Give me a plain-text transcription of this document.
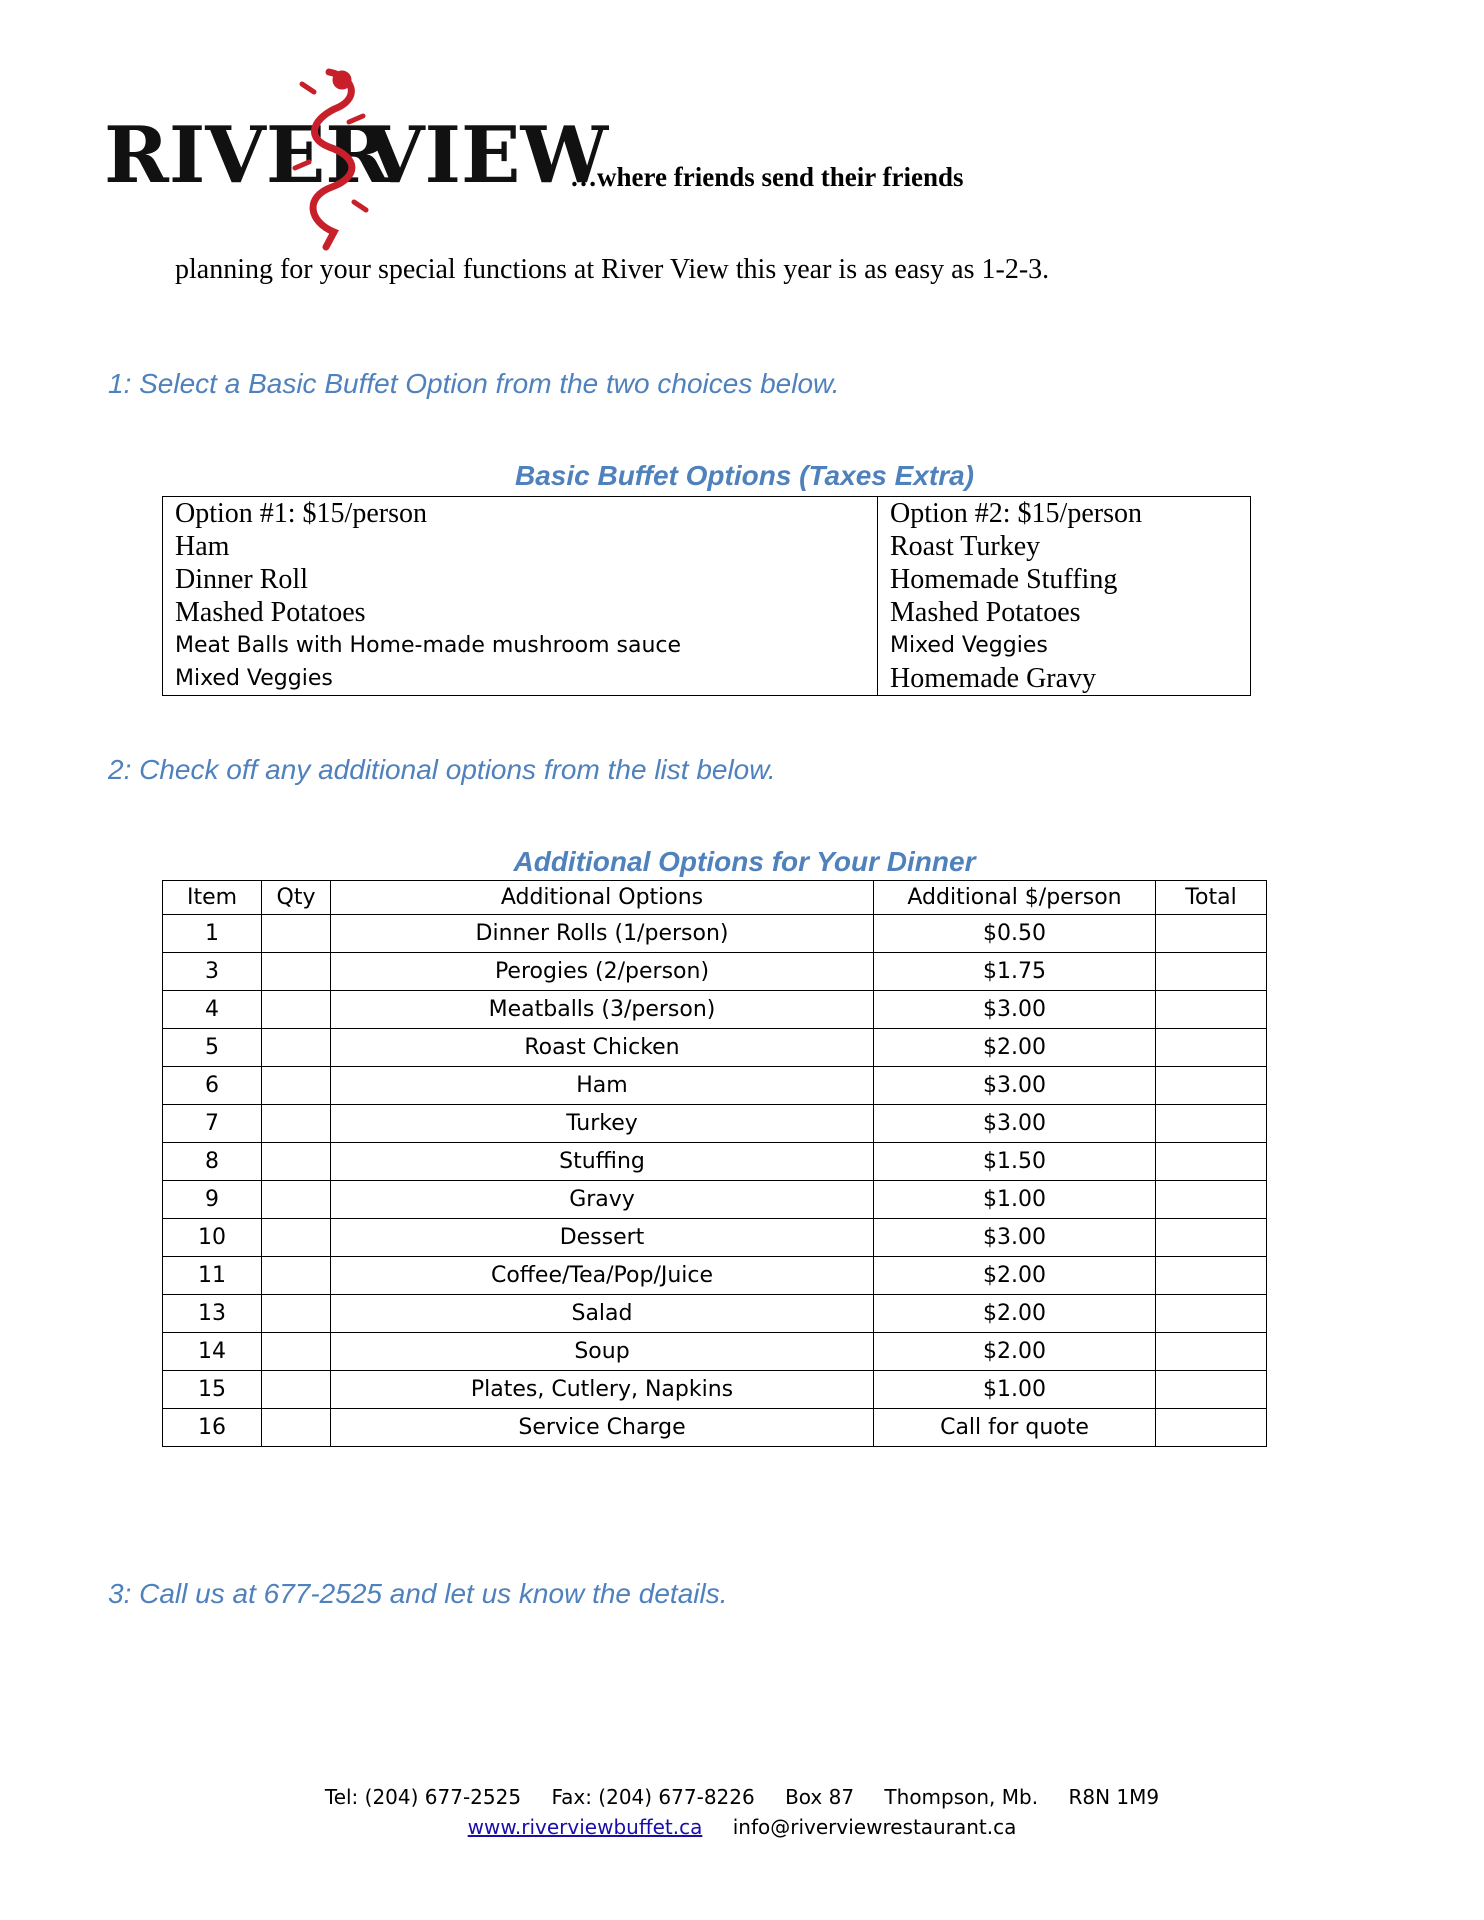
RIVER
VIEW
…where friends send their friends
planning for your special functions at River View this year is as easy as 1-2-3.
1: Select a Basic Buffet Option from the two choices below.
Basic Buffet Options (Taxes Extra)
Option #1: $15/person
Ham
Dinner Roll
Mashed Potatoes
Meat Balls with Home-made mushroom sauce
Mixed Veggies

Option #2: $15/person
Roast Turkey
Homemade Stuffing
Mashed Potatoes
Mixed Veggies
Homemade Gravy
2: Check off any additional options from the list below.
Additional Options for Your Dinner
Item	Qty	Additional Options	Additional $/person	Total
1		Dinner Rolls (1/person)	$0.50	
3		Perogies (2/person)	$1.75	
4		Meatballs (3/person)	$3.00	
5		Roast Chicken	$2.00	
6		Ham	$3.00	
7		Turkey	$3.00	
8		Stuffing	$1.50	
9		Gravy	$1.00	
10		Dessert	$3.00	
11		Coffee/Tea/Pop/Juice	$2.00	
13		Salad	$2.00	
14		Soup	$2.00	
15		Plates, Cutlery, Napkins	$1.00	
16		Service Charge	Call for quote	
3: Call us at 677-2525 and let us know the details.
Tel: (204) 677-2525 Fax: (204) 677-8226 Box 87 Thompson, Mb. R8N 1M9
www.riverviewbuffet.ca info@riverviewrestaurant.ca
